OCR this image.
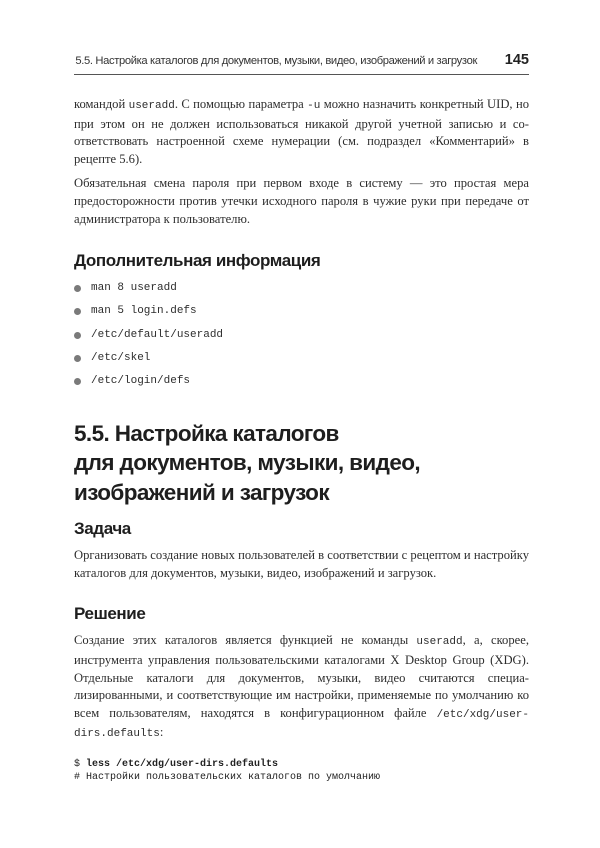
5.5. Настройка каталогов для документов, музыки, видео, изображений и загрузок 145

командой useradd. С помощью параметра -u можно назначить конкретный UID, но при этом он не должен использоваться никакой другой учетной записью и соответствовать настроенной схеме нумерации (см. подраздел «Комментарий» в рецепте 5.6).

Обязательная смена пароля при первом входе в систему — это простая мера предосторожности против утечки исходного пароля в чужие руки при передаче от администратора к пользователю.

Дополнительная информация
man 8 useradd
man 5 login.defs
/etc/default/useradd
/etc/skel
/etc/login/defs
5.5. Настройка каталогов
для документов, музыки, видео,
изображений и загрузок
Задача

Организовать создание новых пользователей в соответствии с рецептом и настройку каталогов для документов, музыки, видео, изображений и загрузок.

Решение

Создание этих каталогов является функцией не команды useradd, а, скорее, инструмента управления пользовательскими каталогами X Desktop Group (XDG). Отдельные каталоги для документов, музыки, видео считаются специализированными, и соответствующие им настройки, применяемые по умолчанию ко всем пользователям, находятся в конфигурационном файле /etc/xdg/user-dirs.defaults:

$ less /etc/xdg/user-dirs.defaults
# Настройки пользовательских каталогов по умолчанию
